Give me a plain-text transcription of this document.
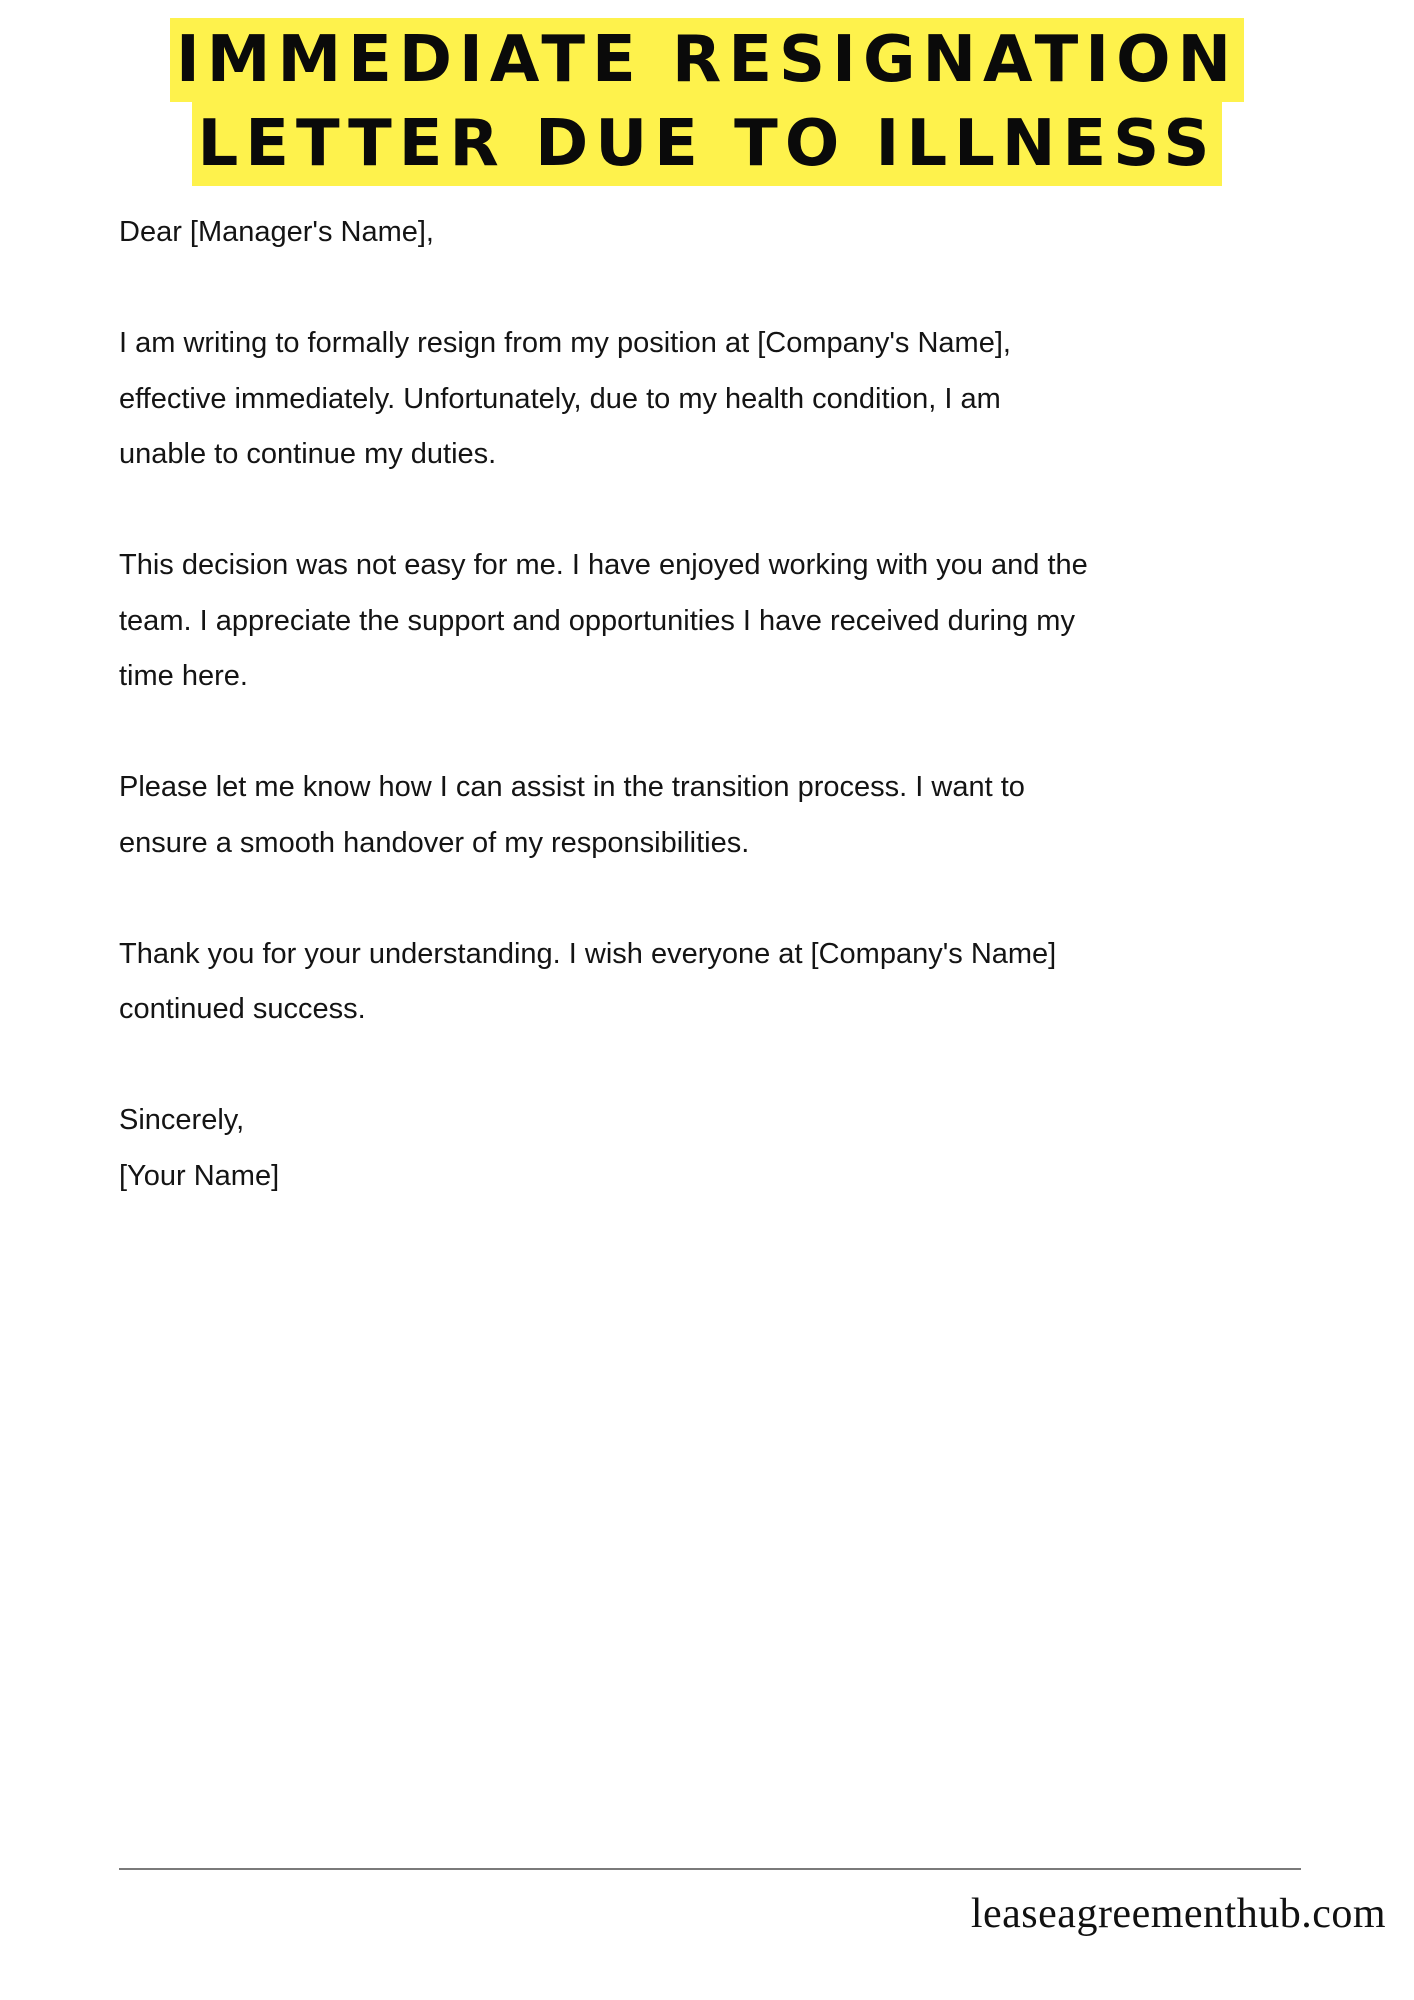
IMMEDIATE RESIGNATION
LETTER DUE TO ILLNESS

Dear [Manager's Name],

I am writing to formally resign from my position at [Company's Name],
effective immediately. Unfortunately, due to my health condition, I am
unable to continue my duties.

This decision was not easy for me. I have enjoyed working with you and the
team. I appreciate the support and opportunities I have received during my
time here.

Please let me know how I can assist in the transition process. I want to
ensure a smooth handover of my responsibilities.

Thank you for your understanding. I wish everyone at [Company's Name]
continued success.

Sincerely,

[Your Name]

leaseagreementhub.com
